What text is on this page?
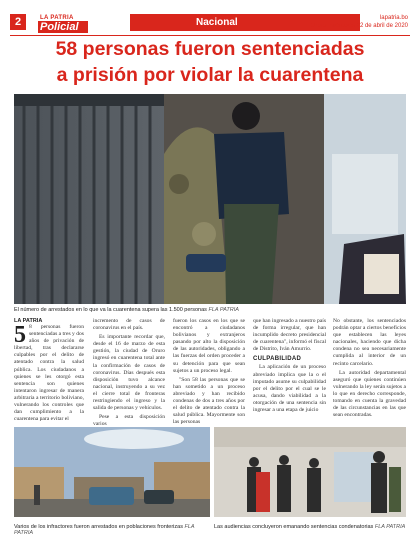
2	LA PATRIA
Policial	Nacional	lapatria.bo
Oruro, miércoles 22 de abril de 2020
58 personas fueron sentenciadas
a prisión por violar la cuarentena
El número de arrestados en lo que va la cuarentena supera las 1.500 personas FLA PATRIA
LA PATRIA
5 8 personas fueron sentenciadas a tres y dos años de privación de libertad, tras declararse culpables por el delito de atentado contra la salud pública. Los ciudadanos a quienes se les otorgó esta sentencia son quienes intentaron ingresar de manera arbitraria a territorio boliviano, vulnerando los controles que dan cumplimiento a la cuarentena para evitar el

incremento de casos de coronavirus en el país.

Es importante recordar que, desde el 16 de marzo de esta gestión, la ciudad de Oruro ingresó en cuarentena total ante la confirmación de casos de coronavirus. Días después esta disposición tuvo alcance nacional, instruyendo a su vez el cierre total de fronteras restringiendo el ingreso y la salida de personas y vehículos.

Pese a esta disposición varios

fueron los casos en los que se encontró a ciudadanos bolivianos y extranjeros pasando por alto la disposición de las autoridades, obligando a las fuerzas del orden proceder a su detención para que sean sujetos a un proceso legal.

"Son 58 las personas que se han sometido a un proceso abreviado y han recibido condenas de dos a tres años por el delito de atentado contra la salud pública. Mayormente son las personas

que han ingresado a nuestro país de forma irregular, que han incumplido decreto presidencial de cuarentena", informó el fiscal de Distrito, Iván Amurrio.

CULPABILIDAD

La aplicación de un proceso abreviado implica que la o el imputado asume su culpabilidad por el delito por el cual se le acusa, dando viabilidad a la otorgación de una sentencia sin ingresar a una etapa de juicio

No obstante, los sentenciados podrán optar a ciertos beneficios que establecen las leyes nacionales, haciendo que dicha condena no sea necesariamente cumplida al interior de un recinto carcelario.

La autoridad departamental aseguró que quienes continúen vulnerando la ley serán sujetos a lo que en derecho corresponde, tomando en cuenta la gravedad de las circunstancias en las que sean encontradas.

Varios de los infractores fueron arrestados en poblaciones fronterizas FLA PATRIA
Las audiencias concluyeron emanando sentencias condenatorias FLA PATRIA
